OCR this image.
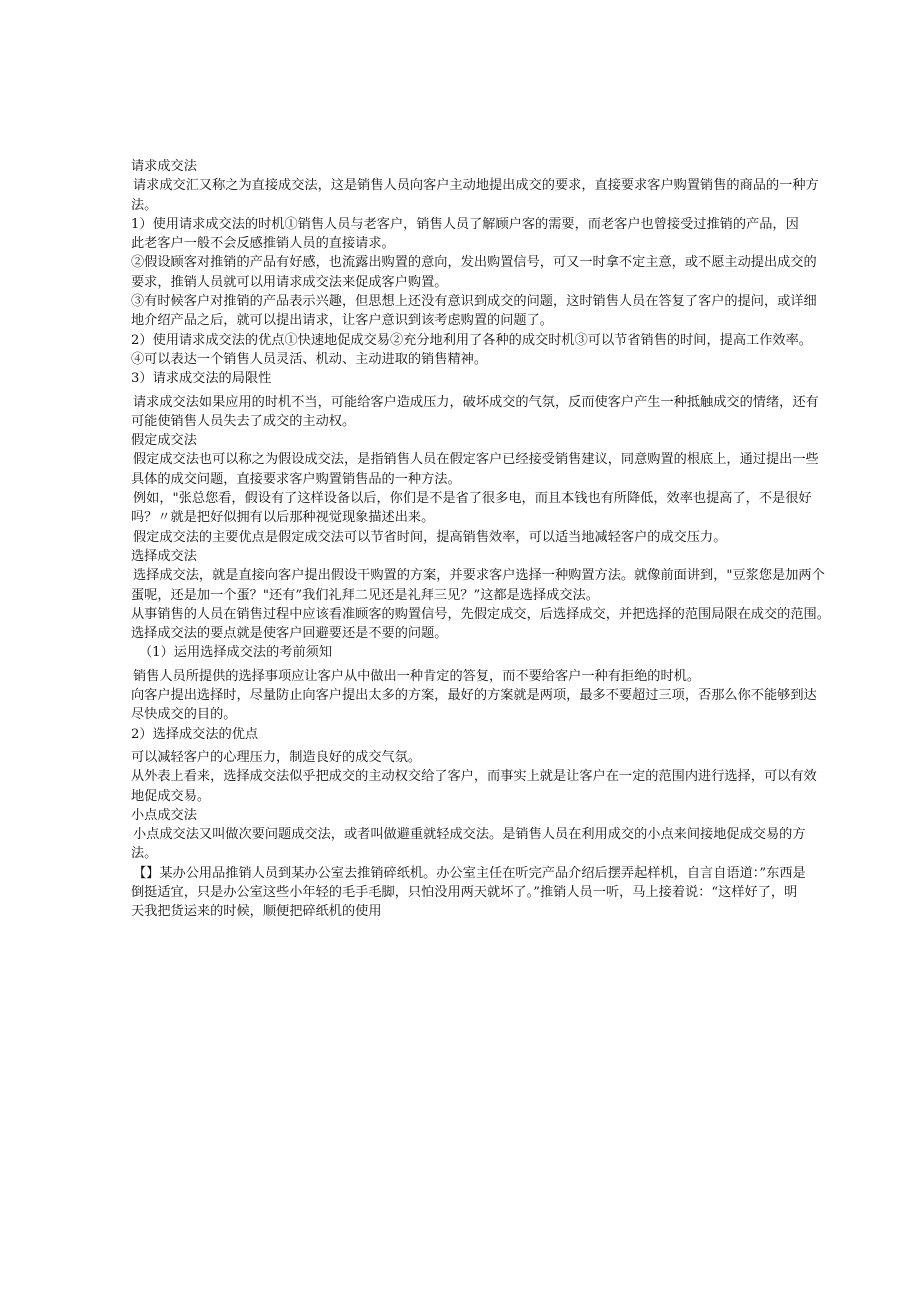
请求成交法
请求成交汇又称之为直接成交法，这是销售人员向客户主动地提出成交的要求，直接要求客户购置销售的商品的一种方
法。
1）使用请求成交法的时机①销售人员与老客户，销售人员了解顾户客的需要，而老客户也曾接受过推销的产品，因
此老客户一般不会反感推销人员的直接请求。
②假设顾客对推销的产品有好感，也流露出购置的意向，发出购置信号，可又一时拿不定主意，或不愿主动提出成交的
要求，推销人员就可以用请求成交法来促成客户购置。
③有时候客户对推销的产品表示兴趣，但思想上还没有意识到成交的问题，这时销售人员在答复了客户的提问，或详细
地介绍产品之后，就可以提出请求，让客户意识到该考虑购置的问题了。
2）使用请求成交法的优点①快速地促成交易②充分地利用了各种的成交时机③可以节省销售的时间，提高工作效率。
④可以表达一个销售人员灵活、机动、主动进取的销售精神。
3）请求成交法的局限性
请求成交法如果应用的时机不当，可能给客户造成压力，破坏成交的气氛，反而使客户产生一种抵触成交的情绪，还有
可能使销售人员失去了成交的主动权。
假定成交法
假定成交法也可以称之为假设成交法，是指销售人员在假定客户已经接受销售建议，同意购置的根底上，通过提出一些
具体的成交问题，直接要求客户购置销售品的一种方法。
例如，"张总您看，假设有了这样设备以后，你们是不是省了很多电，而且本钱也有所降低，效率也提高了，不是很好
吗？〃就是把好似拥有以后那种视觉现象描述出来。
假定成交法的主要优点是假定成交法可以节省时间，提高销售效率，可以适当地减轻客户的成交压力。
选择成交法
选择成交法，就是直接向客户提出假设干购置的方案，并要求客户选择一种购置方法。就像前面讲到，"豆浆您是加两个
蛋呢，还是加一个蛋？"还有”我们礼拜二见还是礼拜三见？”这都是选择成交法。
从事销售的人员在销售过程中应该看准顾客的购置信号，先假定成交，后选择成交，并把选择的范围局限在成交的范围。
选择成交法的要点就是使客户回避要还是不要的问题。
（1）运用选择成交法的考前须知
销售人员所提供的选择事项应让客户从中做出一种肯定的答复，而不要给客户一种有拒绝的时机。
向客户提出选择时，尽量防止向客户提出太多的方案，最好的方案就是两项，最多不要超过三项，否那么你不能够到达
尽快成交的目的。
2）选择成交法的优点
可以减轻客户的心理压力，制造良好的成交气氛。
从外表上看来，选择成交法似乎把成交的主动权交给了客户，而事实上就是让客户在一定的范围内进行选择，可以有效
地促成交易。
小点成交法
小点成交法又叫做次要问题成交法，或者叫做避重就轻成交法。是销售人员在利用成交的小点来间接地促成交易的方
法。
【】某办公用品推销人员到某办公室去推销碎纸机。办公室主任在听完产品介绍后摆弄起样机，自言自语道：”东西是
倒挺适宜，只是办公室这些小年轻的毛手毛脚，只怕没用两天就坏了。”推销人员一听，马上接着说：“这样好了，明
天我把货运来的时候，顺便把碎纸机的使用
